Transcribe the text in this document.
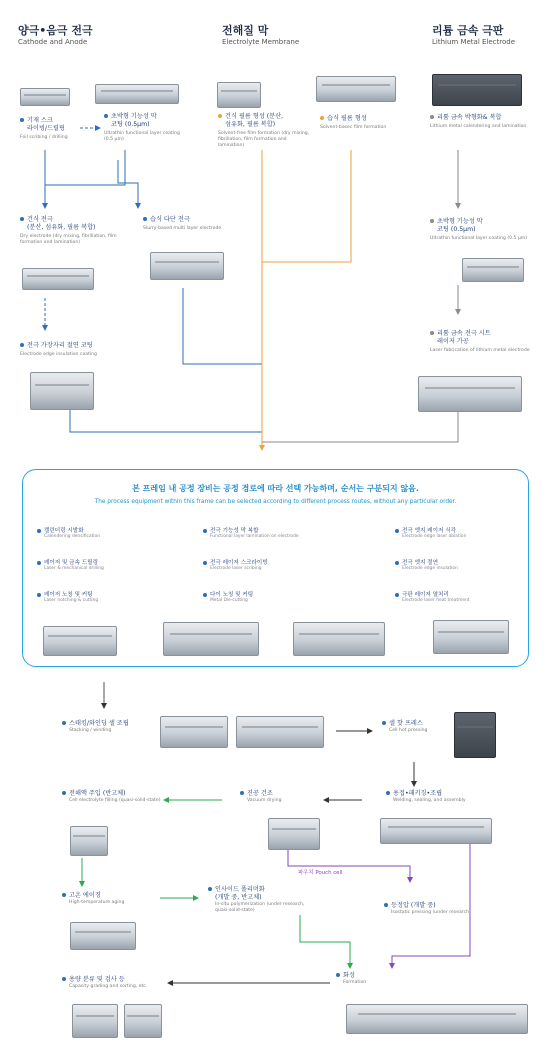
양극•음극 전극
Cathode and Anode
전해질 막
Electrolyte Membrane
리튬 금속 극판
Lithium Metal Electrode
기재 스크
라이빙/드릴링
Foil scribing / drilling
초박형 기능성 막
코팅 (0.5μm)
Ultrathin functional layer coating (0.5 μm)
건식 필름 형성 (분산,
섬유화, 필름 복합)
Solvent-free film formation (dry mixing, fibrillation, film formation and lamination)
습식 필름 형성
Solvent-basec film formation
리튬 금속 박형화& 복합
Lithium metal calendering and lamination
건식 전극
(분산, 섬유화, 필름 복합)
Dry electrode (dry mixing, fibrillation, film formation and lamination)
습식 다단 전극
Slurry-based multi layer electrode
초박형 기능성 막
코팅 (0.5μm)
Ultrathin functional layer coating (0.5 μm)
전극 가장자리 절연 코팅
Electrode edge insulation coating
리튬 금속 전극 시트
레이저 가공
Laser fabrication of lithium metal electrode
본 프레임 내 공정 장비는 공정 경로에 따라 선택 가능하며, 순서는 구분되지 않음.
The process equipment within this frame can be selected according to different process routes, without any particular order.
캘린더링 시발화
Calendering densification
전극 기능성 막 복합
Functional layer lamination on electrode
전극 엣지 레이저 식각
Electrode edge laser ablation
레이저 및 금속 드릴링
Laser & mechanical drilling
전극 레이저 스크라이빙
Electrode laser scribing
전극 엣지 절연
Electrode edge insulation
레이저 노칭 및 커팅
Laser notching & cutting
다이 노칭 및 커팅
Metal Die-cutting
극판 레이저 열처리
Electrode laser heat treatment
스태킹/와인딩 셀 조립
Stacking / winding
셀 핫 프레스
Cell hot pressing
용접•패키징•조립
Welding, sealing, and assembly
진공 건조
Vacuum drying
파우치 Pouch cell
전해액 주입 (반고체)
Cell electrolyte filling (quasi-solid-state)
고온 에이징
High-temperature aging
인사이드 폴리머화
(개발 중, 반고체)
In-situ polymerization (under research, quasi-solid-state)
등정압 (개발 중)
Isostatic pressing (under research)
화성
Formation
용량 분류 및 검사 등
Capacity grading and sorting, etc.
